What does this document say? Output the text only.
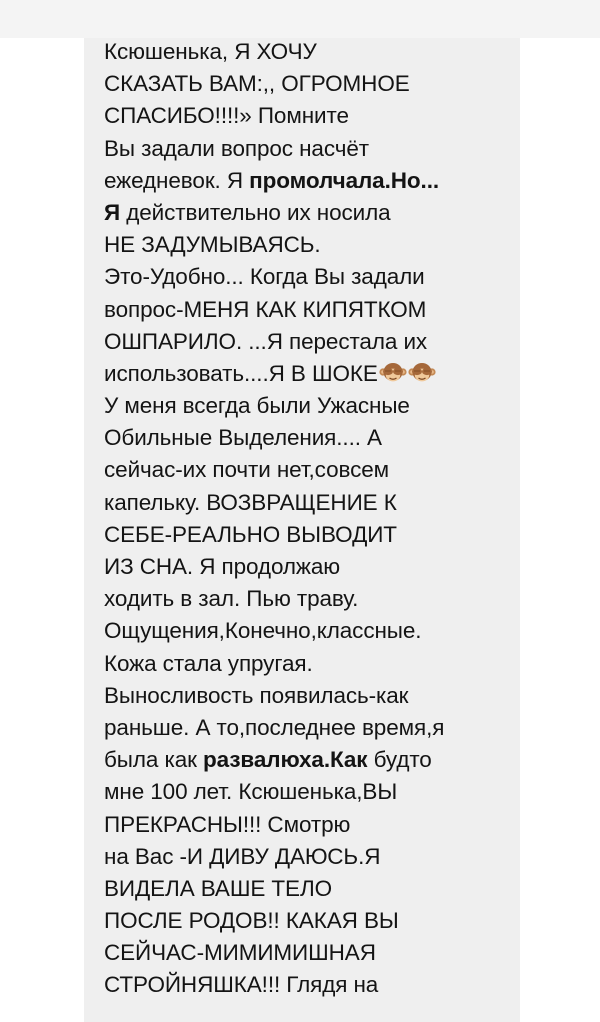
Ксюшенька, Я ХОЧУ
СКАЗАТЬ ВАМ:,, ОГРОМНОЕ
СПАСИБО!!!!» Помните
Вы задали вопрос насчёт
ежедневок. Я промолчала.Но...
Я действительно их носила
НЕ ЗАДУМЫВАЯСЬ.
Это-Удобно... Когда Вы задали
вопрос-МЕНЯ КАК КИПЯТКОМ
ОШПАРИЛО. ...Я перестала их
использовать....Я В ШОКЕ
У меня всегда были Ужасные
Обильные Выделения.... А
сейчас-их почти нет,совсем
капельку. ВОЗВРАЩЕНИЕ К
СЕБЕ-РЕАЛЬНО ВЫВОДИТ
ИЗ СНА. Я продолжаю
ходить в зал. Пью траву.
Ощущения,Конечно,классные.
Кожа стала упругая.
Выносливость появилась-как
раньше. А то,последнее время,я
была как развалюха.Как будто
мне 100 лет. Ксюшенька,ВЫ
ПРЕКРАСНЫ!!! Смотрю
на Вас -И ДИВУ ДАЮСЬ.Я
ВИДЕЛА ВАШЕ ТЕЛО
ПОСЛЕ РОДОВ!! КАКАЯ ВЫ
СЕЙЧАС-МИМИМИШНАЯ
СТРОЙНЯШКА!!! Глядя на
